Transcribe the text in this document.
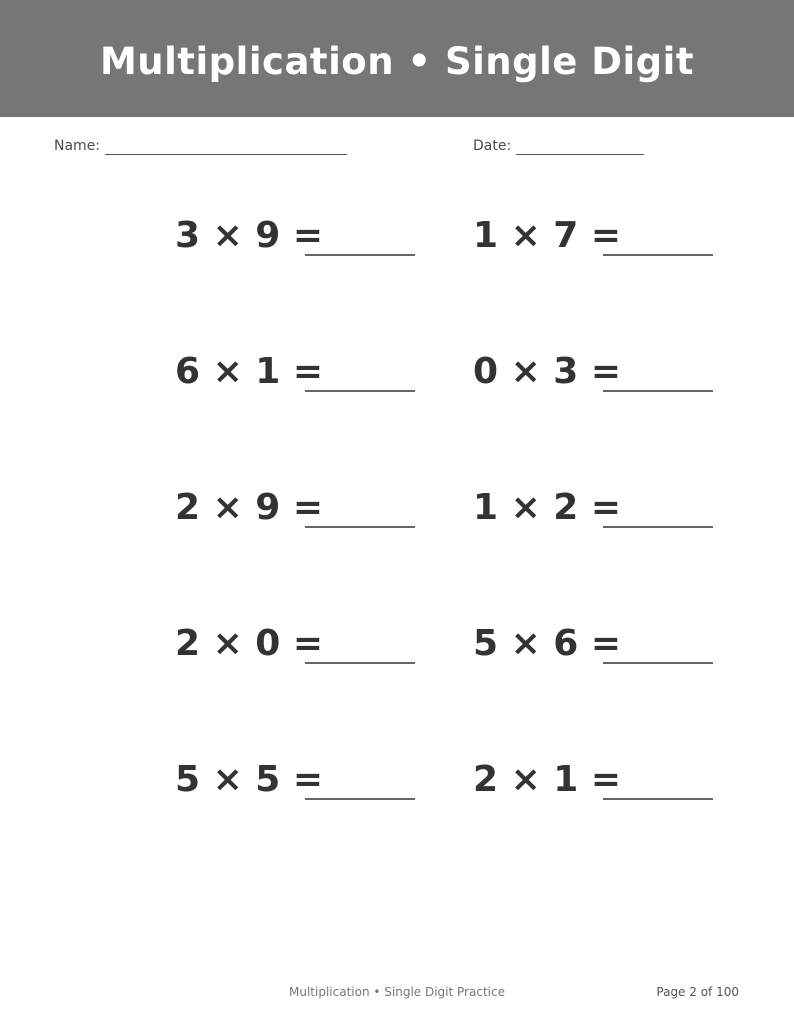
Multiplication • Single Digit
Name:	Date:
3 × 9 =	1 × 7 =
6 × 1 =	0 × 3 =
2 × 9 =	1 × 2 =
2 × 0 =	5 × 6 =
5 × 5 =	2 × 1 =
Multiplication • Single Digit Practice	Page 2 of 100
